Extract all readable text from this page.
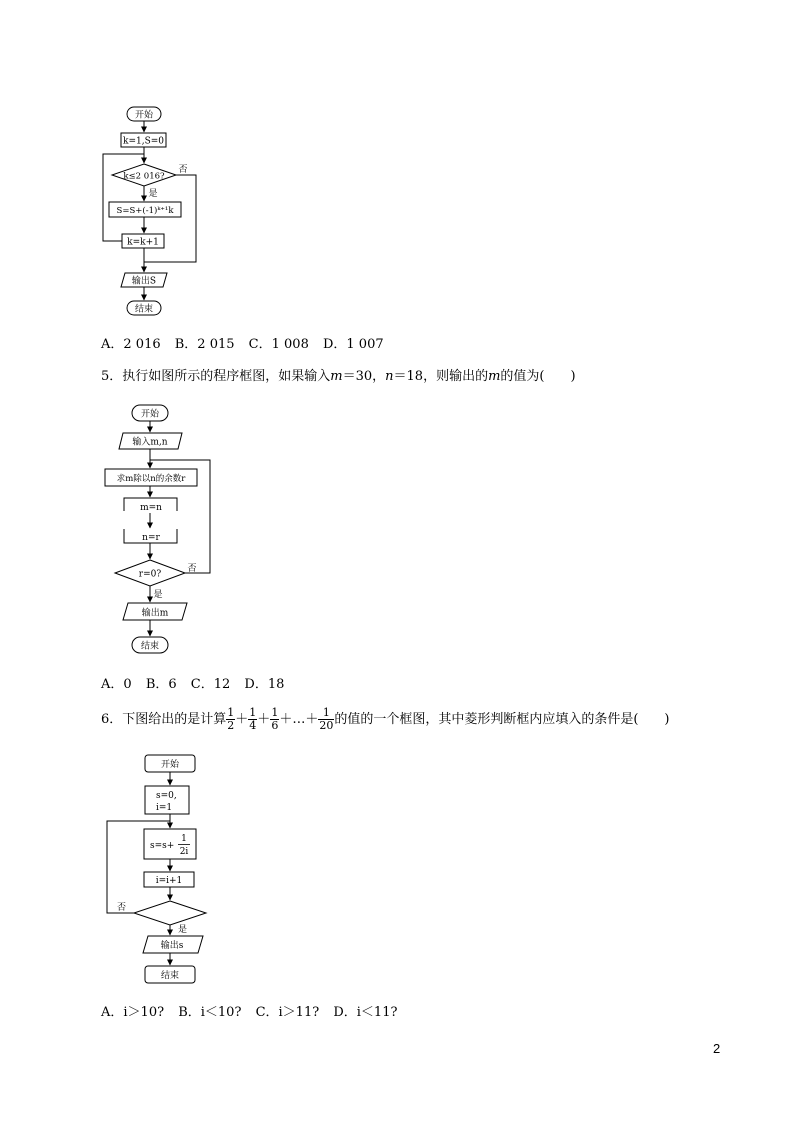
开始
k=1,S=0
k≤2 016?
是
否
S=S+(-1)ᵏ⁺¹k
k=k+1
输出S
结束
开始
输入m,n
求m除以n的余数r
m=n
n=r
r=0?
否
是
输出m
结束
开始
s=0,
i=1
s=s+
1
2i
i=i+1
是
否
输出s
结束
A．2 016 B．2 015 C．1 008 D．1 007
5．执行如图所示的程序框图，如果输入m＝30，n＝18，则输出的m的值为(　　)
A．0 B．6 C．12 D．18
6．下图给出的是计算 $\frac{1}{2} + \frac{1}{4} + \frac{1}{6}$ ＋…＋ $\frac{1}{20}$ 的值的一个框图，其中菱形判断框内应填入的条件是(　　)
A．i＞10? B．i＜10? C．i＞11? D．i＜11?
2
